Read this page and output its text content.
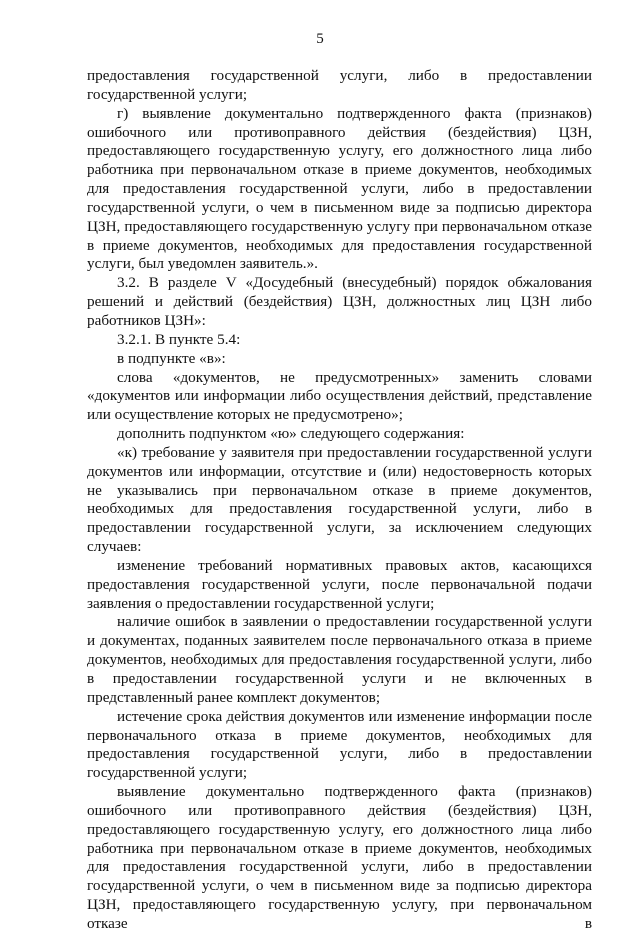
5

предоставления государственной услуги, либо в предоставлении государственной услуги;

г) выявление документально подтвержденного факта (признаков) ошибочного или противоправного действия (бездействия) ЦЗН, предоставляющего государственную услугу, его должностного лица либо работника при первоначальном отказе в приеме документов, необходимых для предоставления государственной услуги, либо в предоставлении государственной услуги, о чем в письменном виде за подписью директора ЦЗН, предоставляющего государственную услугу при первоначальном отказе в приеме документов, необходимых для предоставления государственной услуги, был уведомлен заявитель.».

3.2. В разделе V «Досудебный (внесудебный) порядок обжалования решений и действий (бездействия) ЦЗН, должностных лиц ЦЗН либо работников ЦЗН»:

3.2.1. В пункте 5.4:

в подпункте «в»:

слова «документов, не предусмотренных» заменить словами «документов или информации либо осуществления действий, представление или осуществление которых не предусмотрено»;

дополнить подпунктом «ю» следующего содержания:

«к) требование у заявителя при предоставлении государственной услуги документов или информации, отсутствие и (или) недостоверность которых не указывались при первоначальном отказе в приеме документов, необходимых для предоставления государственной услуги, либо в предоставлении государственной услуги, за исключением следующих случаев:

изменение требований нормативных правовых актов, касающихся предоставления государственной услуги, после первоначальной подачи заявления о предоставлении государственной услуги;

наличие ошибок в заявлении о предоставлении государственной услуги и документах, поданных заявителем после первоначального отказа в приеме документов, необходимых для предоставления государственной услуги, либо в предоставлении государственной услуги и не включенных в представленный ранее комплект документов;

истечение срока действия документов или изменение информации после первоначального отказа в приеме документов, необходимых для предоставления государственной услуги, либо в предоставлении государственной услуги;

выявление документально подтвержденного факта (признаков) ошибочного или противоправного действия (бездействия) ЦЗН, предоставляющего государственную услугу, его должностного лица либо работника при первоначальном отказе в приеме документов, необходимых для предоставления государственной услуги, либо в предоставлении государственной услуги, о чем в письменном виде за подписью директора ЦЗН, предоставляющего государственную услугу, при первоначальном отказе в
